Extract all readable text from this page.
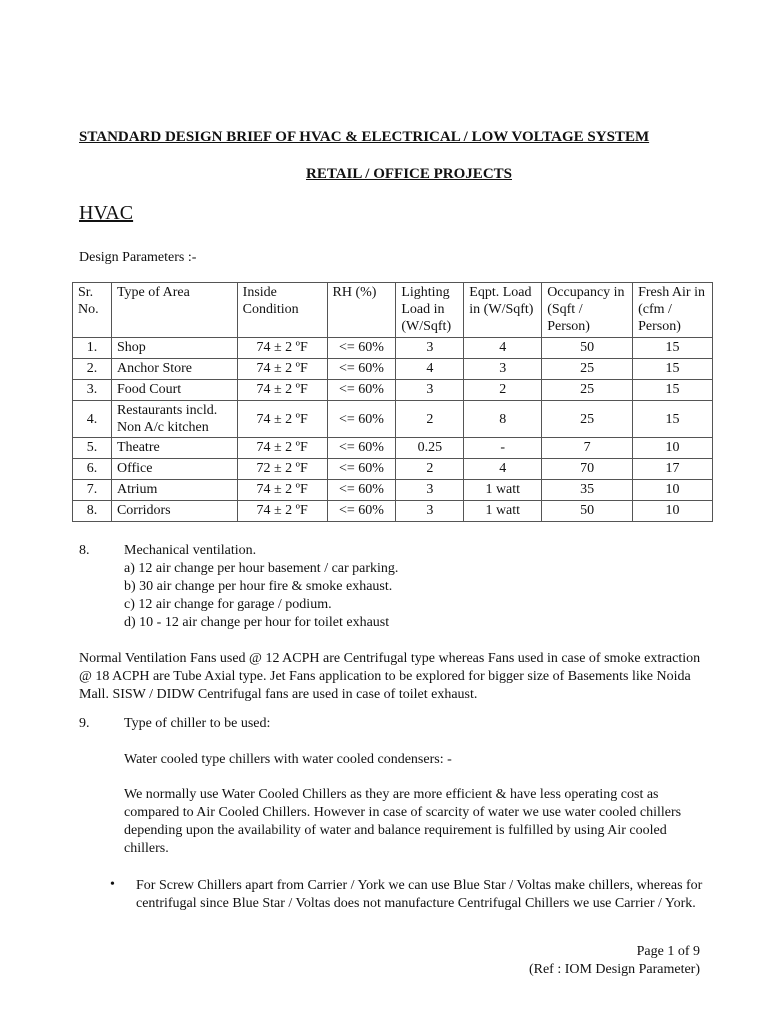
STANDARD DESIGN BRIEF OF HVAC & ELECTRICAL / LOW VOLTAGE SYSTEM
RETAIL / OFFICE PROJECTS
HVAC
Design Parameters :-
Sr. No.	Type of Area	Inside Condition	RH (%)	Lighting Load in (W/Sqft)	Eqpt. Load in (W/Sqft)	Occupancy in (Sqft / Person)	Fresh Air in (cfm / Person)
1.	Shop	74 ± 2 ºF	<= 60%	3	4	50	15
2.	Anchor Store	74 ± 2 ºF	<= 60%	4	3	25	15
3.	Food Court	74 ± 2 ºF	<= 60%	3	2	25	15
4.	Restaurants incld. Non A/c kitchen	74 ± 2 ºF	<= 60%	2	8	25	15
5.	Theatre	74 ± 2 ºF	<= 60%	0.25	-	7	10
6.	Office	72 ± 2 ºF	<= 60%	2	4	70	17
7.	Atrium	74 ± 2 ºF	<= 60%	3	1 watt	35	10
8.	Corridors	74 ± 2 ºF	<= 60%	3	1 watt	50	10
8. Mechanical ventilation.
a) 12 air change per hour basement / car parking.
b) 30 air change per hour fire & smoke exhaust.
c) 12 air change for garage / podium.
d) 10 - 12 air change per hour for toilet exhaust
Normal Ventilation Fans used @ 12 ACPH are Centrifugal type whereas Fans used in case of smoke extraction @ 18 ACPH are Tube Axial type. Jet Fans application to be explored for bigger size of Basements like Noida Mall. SISW / DIDW Centrifugal fans are used in case of toilet exhaust.
9. Type of chiller to be used:
Water cooled type chillers with water cooled condensers: -
We normally use Water Cooled Chillers as they are more efficient & have less operating cost as compared to Air Cooled Chillers. However in case of scarcity of water we use water cooled chillers depending upon the availability of water and balance requirement is fulfilled by using Air cooled chillers.
• For Screw Chillers apart from Carrier / York we can use Blue Star / Voltas make chillers, whereas for centrifugal since Blue Star / Voltas does not manufacture Centrifugal Chillers we use Carrier / York.
Page 1 of 9
(Ref : IOM Design Parameter)
